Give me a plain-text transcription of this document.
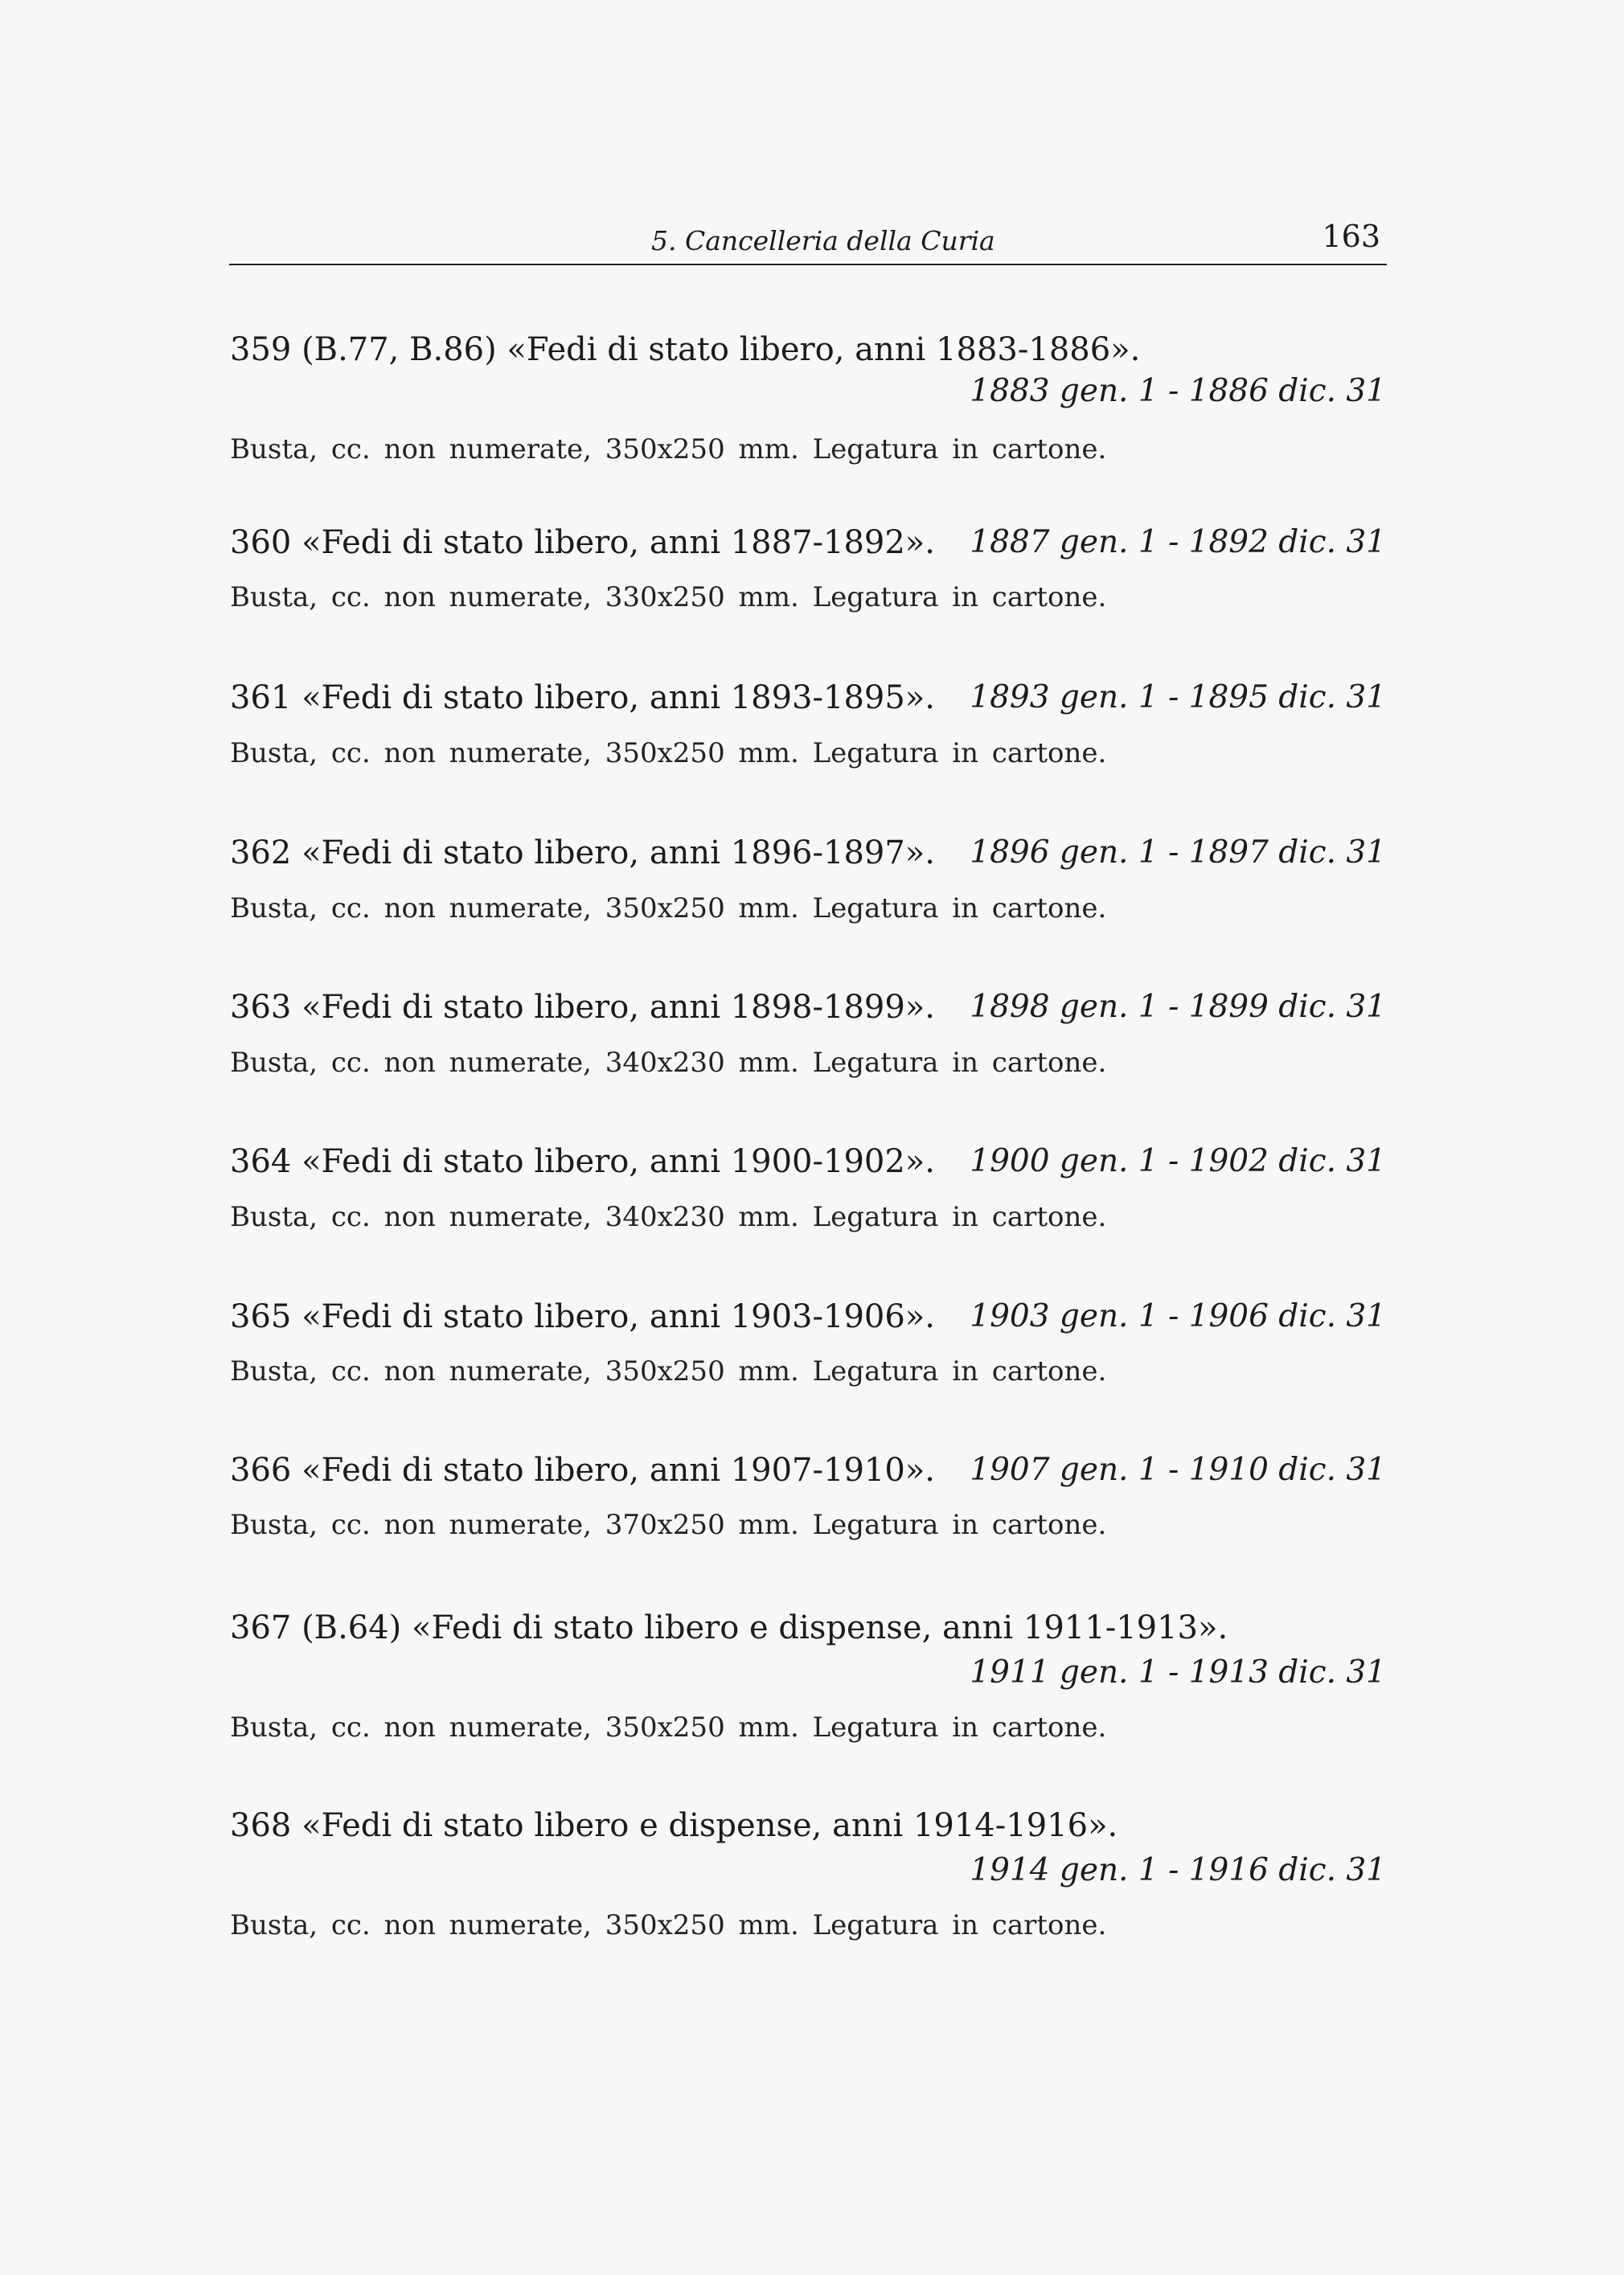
5. Cancelleria della Curia	163
359 (B.77, B.86) «Fedi di stato libero, anni 1883-1886».
1883 gen. 1 - 1886 dic. 31
Busta, cc. non numerate, 350x250 mm. Legatura in cartone.
360 «Fedi di stato libero, anni 1887-1892». 1887 gen. 1 - 1892 dic. 31
Busta, cc. non numerate, 330x250 mm. Legatura in cartone.
361 «Fedi di stato libero, anni 1893-1895». 1893 gen. 1 - 1895 dic. 31
Busta, cc. non numerate, 350x250 mm. Legatura in cartone.
362 «Fedi di stato libero, anni 1896-1897». 1896 gen. 1 - 1897 dic. 31
Busta, cc. non numerate, 350x250 mm. Legatura in cartone.
363 «Fedi di stato libero, anni 1898-1899». 1898 gen. 1 - 1899 dic. 31
Busta, cc. non numerate, 340x230 mm. Legatura in cartone.
364 «Fedi di stato libero, anni 1900-1902». 1900 gen. 1 - 1902 dic. 31
Busta, cc. non numerate, 340x230 mm. Legatura in cartone.
365 «Fedi di stato libero, anni 1903-1906». 1903 gen. 1 - 1906 dic. 31
Busta, cc. non numerate, 350x250 mm. Legatura in cartone.
366 «Fedi di stato libero, anni 1907-1910». 1907 gen. 1 - 1910 dic. 31
Busta, cc. non numerate, 370x250 mm. Legatura in cartone.
367 (B.64) «Fedi di stato libero e dispense, anni 1911-1913».
1911 gen. 1 - 1913 dic. 31
Busta, cc. non numerate, 350x250 mm. Legatura in cartone.
368 «Fedi di stato libero e dispense, anni 1914-1916».
1914 gen. 1 - 1916 dic. 31
Busta, cc. non numerate, 350x250 mm. Legatura in cartone.
